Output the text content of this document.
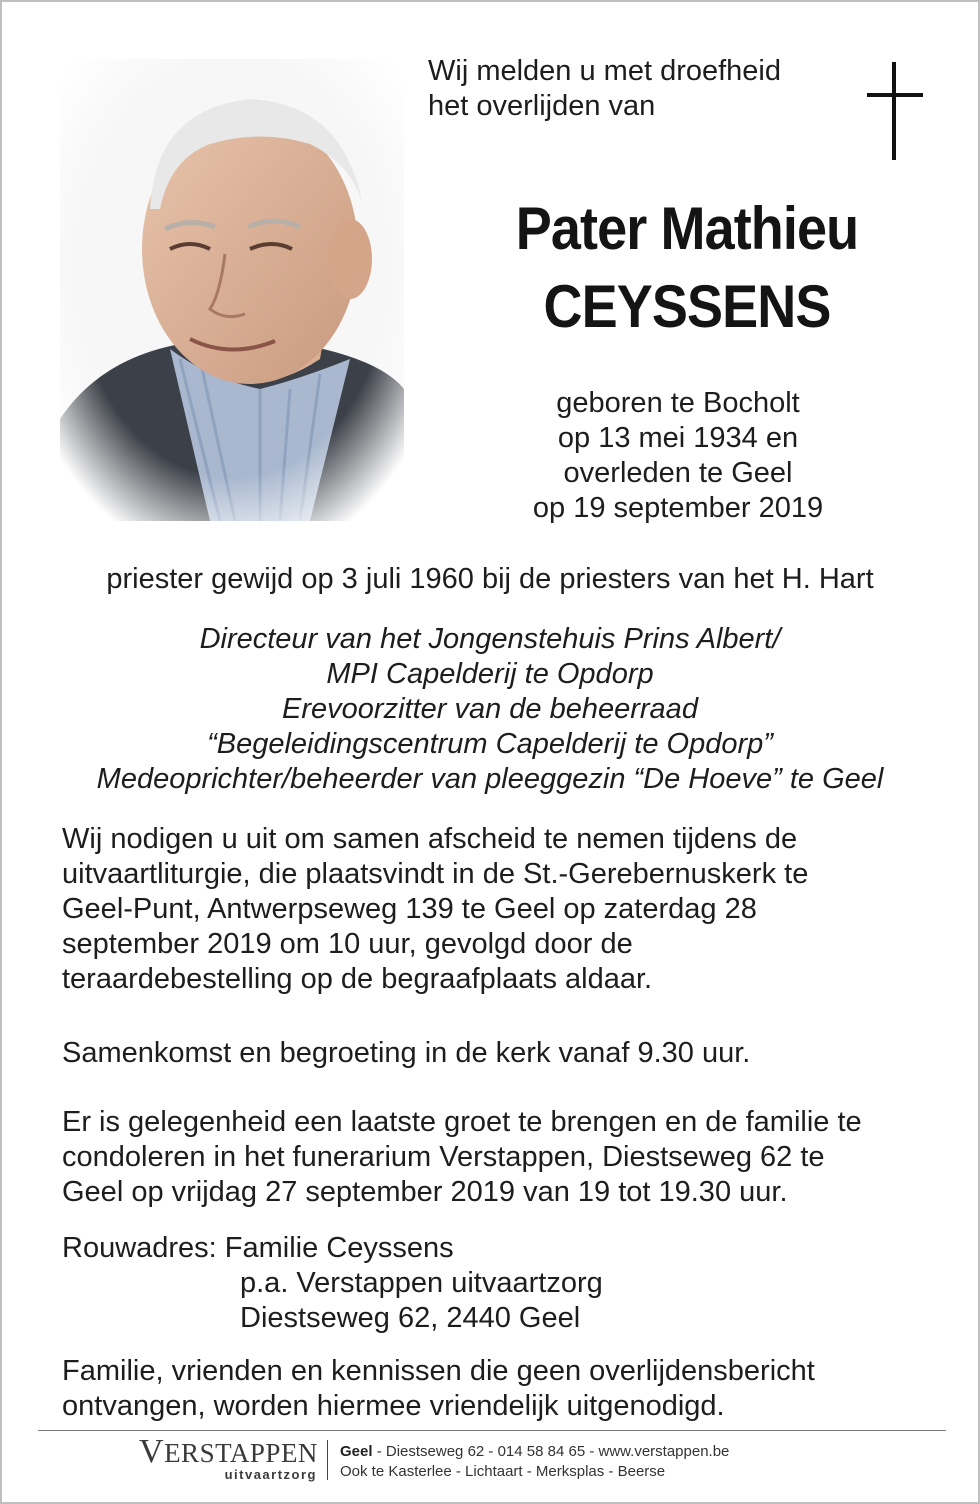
Wij melden u met droefheid
het overlijden van
Pater Mathieu
CEYSSENS
geboren te Bocholt
op 13 mei 1934 en
overleden te Geel
op 19 september 2019
priester gewijd op 3 juli 1960 bij de priesters van het H. Hart
Directeur van het Jongenstehuis Prins Albert/
MPI Capelderij te Opdorp
Erevoorzitter van de beheerraad
“Begeleidingscentrum Capelderij te Opdorp”
Medeoprichter/beheerder van pleeggezin “De Hoeve” te Geel
Wij nodigen u uit om samen afscheid te nemen tijdens de
uitvaartliturgie, die plaatsvindt in de St.-Gerebernuskerk te
Geel-Punt, Antwerpseweg 139 te Geel op zaterdag 28
september 2019 om 10 uur, gevolgd door de
teraardebestelling op de begraafplaats aldaar.
Samenkomst en begroeting in de kerk vanaf 9.30 uur.
Er is gelegenheid een laatste groet te brengen en de familie te
condoleren in het funerarium Verstappen, Diestseweg 62 te
Geel op vrijdag 27 september 2019 van 19 tot 19.30 uur.
Rouwadres: Familie Ceyssens
p.a. Verstappen uitvaartzorg
Diestseweg 62, 2440 Geel
Familie, vrienden en kennissen die geen overlijdensbericht
ontvangen, worden hiermee vriendelijk uitgenodigd.
VERSTAPPEN
uitvaartzorg
Geel - Diestseweg 62 - 014 58 84 65 - www.verstappen.be
Ook te Kasterlee - Lichtaart - Merksplas - Beerse
